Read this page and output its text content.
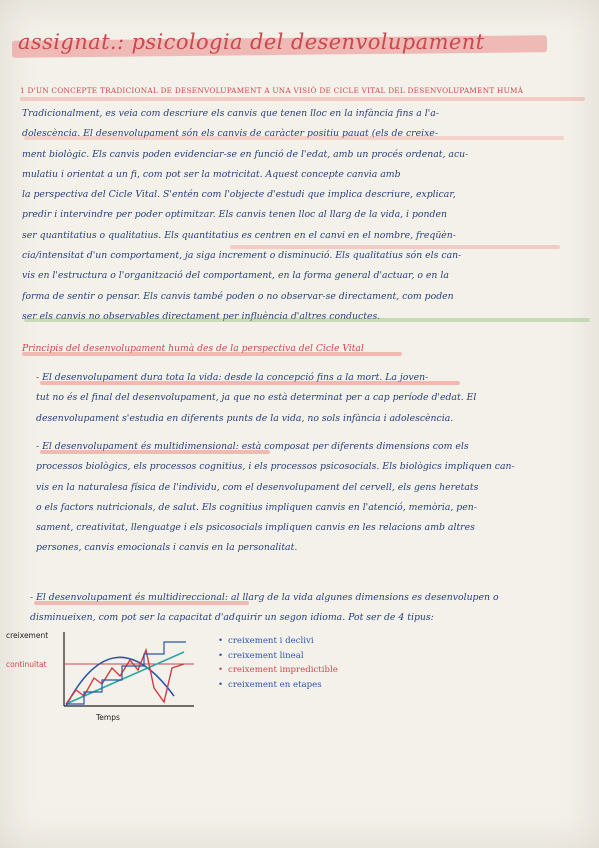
assignat.: psicologia del desenvolupament
1 D'UN CONCEPTE TRADICIONAL DE DESENVOLUPAMENT A UNA VISIÓ DE CICLE VITAL DEL DESENVOLUPAMENT HUMÀ
Tradicionalment, es veia com descriure els canvis que tenen lloc en la infància fins a l'a-
dolescència. El desenvolupament són els canvis de caràcter positiu pauat (els de creixe-
ment biològic. Els canvis poden evidenciar-se en funció de l'edat, amb un procés ordenat, acu-
mulatiu i orientat a un fi, com pot ser la motricitat. Aquest concepte canvia amb
la perspectiva del Cicle Vital. S'entén com l'objecte d'estudi que implica descriure, explicar,
predir i intervindre per poder optimitzar. Els canvis tenen lloc al llarg de la vida, i ponden
ser quantitatius o qualitatius. Els quantitatius es centren en el canvi en el nombre, freqüèn-
cia/intensitat d'un comportament, ja siga increment o disminució. Els qualitatius són els can-
vis en l'estructura o l'organització del comportament, en la forma general d'actuar, o en la
forma de sentir o pensar. Els canvis també poden o no observar-se directament, com poden
ser els canvis no observables directament per influència d'altres conductes.
Principis del desenvolupament humà des de la perspectiva del Cicle Vital
- El desenvolupament dura tota la vida: desde la concepció fins a la mort. La joven-
tut no és el final del desenvolupament, ja que no està determinat per a cap període d'edat. El
desenvolupament s'estudia en diferents punts de la vida, no sols infància i adolescència.
- El desenvolupament és multidimensional: està composat per diferents dimensions com els
processos biològics, els processos cognitius, i els processos psicosocials. Els biològics impliquen can-
vis en la naturalesa física de l'individu, com el desenvolupament del cervell, els gens heretats
o els factors nutricionals, de salut. Els cognitius impliquen canvis en l'atenció, memòria, pen-
sament, creativitat, llenguatge i els psicosocials impliquen canvis en les relacions amb altres
persones, canvis emocionals i canvis en la personalitat.
- El desenvolupament és multidireccional: al llarg de la vida algunes dimensions es desenvolupen o
disminueixen, com pot ser la capacitat d'adquirir un segon idioma. Pot ser de 4 tipus:
creixement
continuïtat
Temps
• creixement i declivi
• creixement lineal
• creixement impredictible
• creixement en etapes
